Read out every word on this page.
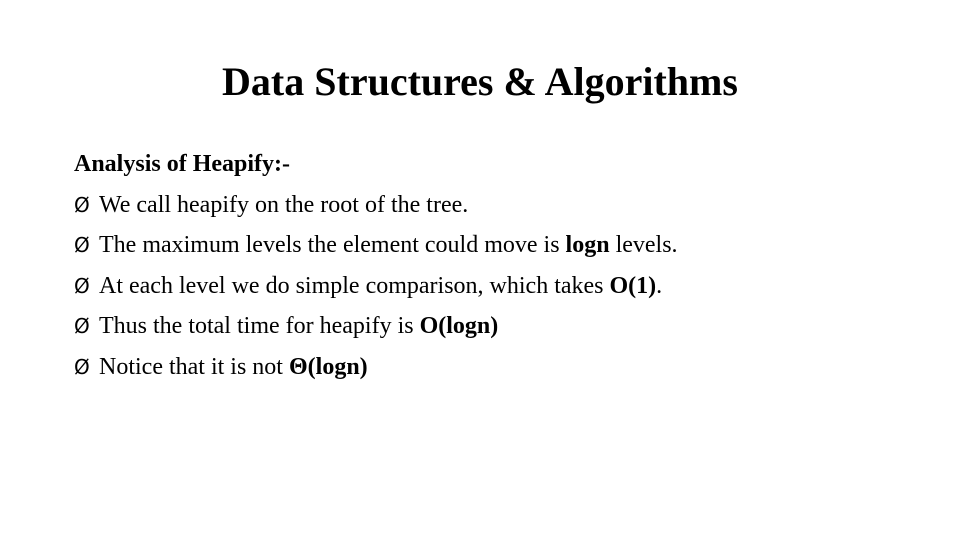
Data Structures & Algorithms
Analysis of Heapify:-
Ø We call heapify on the root of the tree.
Ø The maximum levels the element could move is logn levels.
Ø At each level we do simple comparison, which takes O(1).
Ø Thus the total time for heapify is O(logn)
Ø Notice that it is not Θ(logn)
